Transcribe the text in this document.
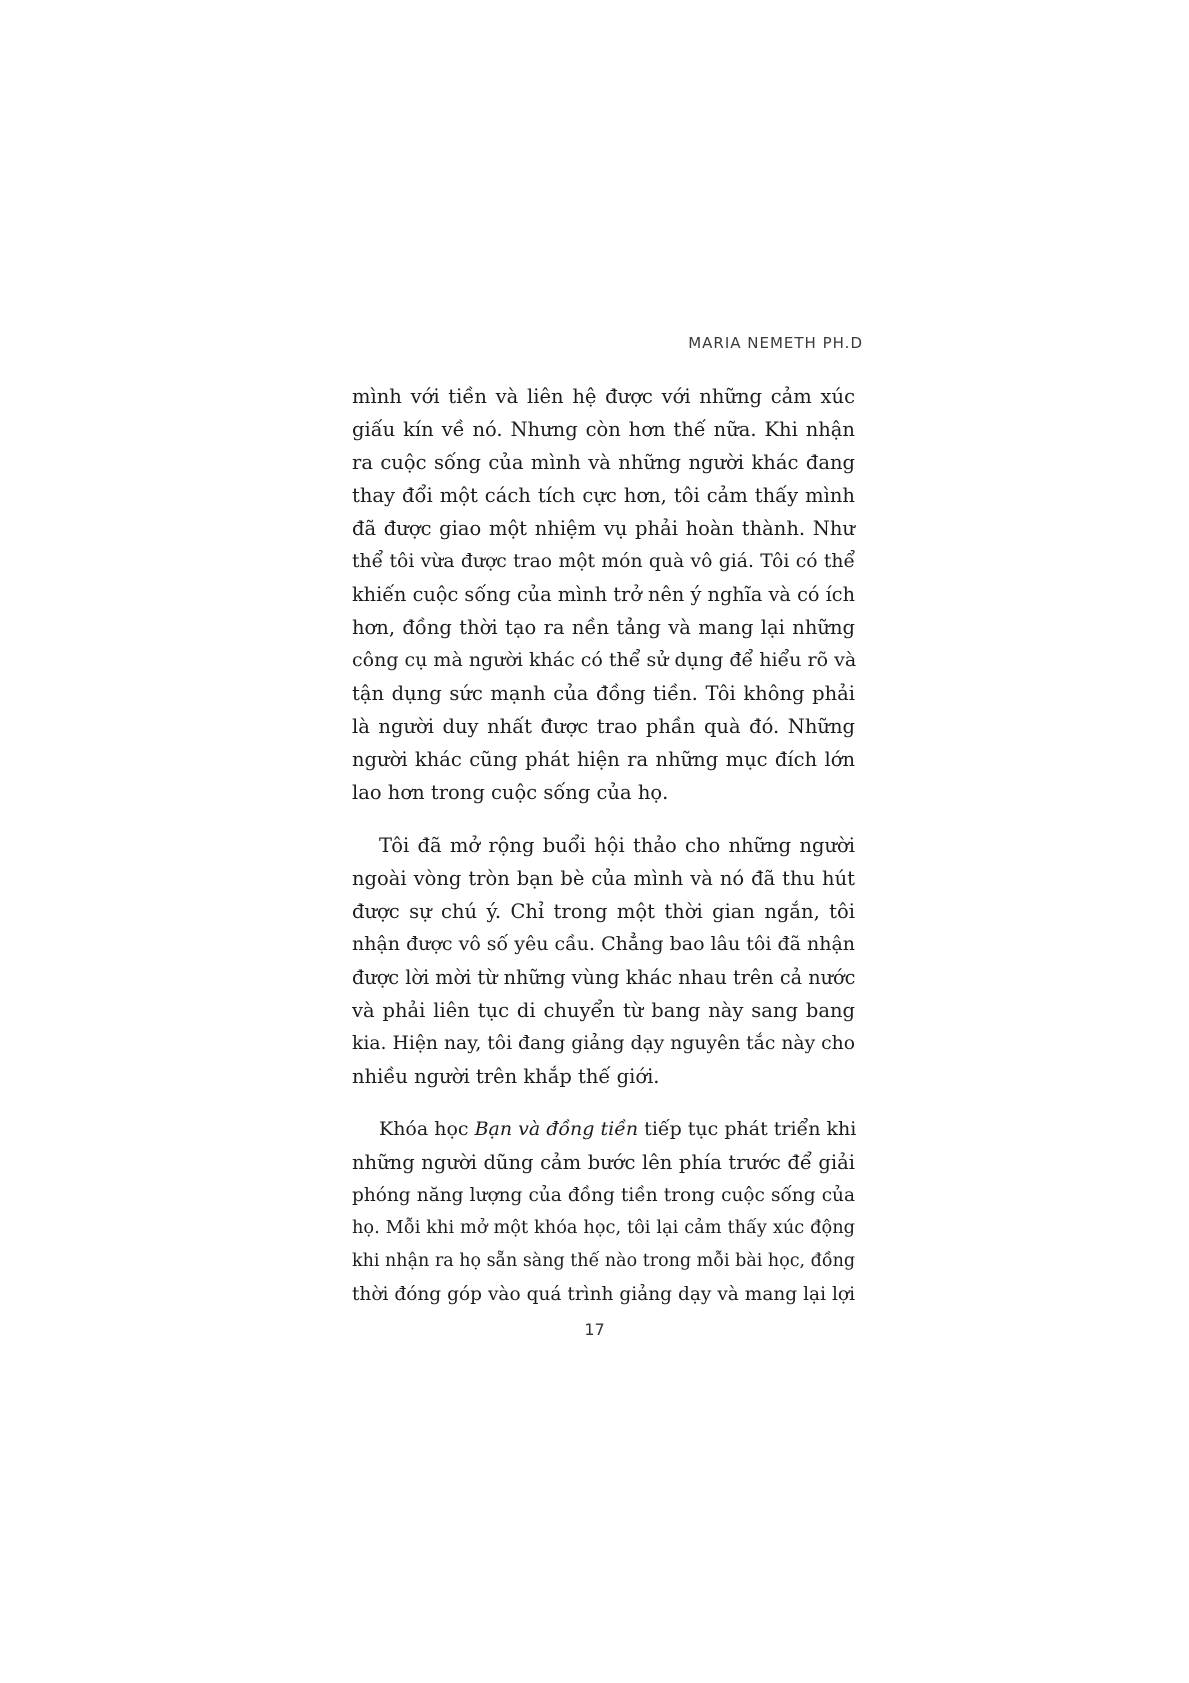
MARIA NEMETH PH.D
mình với tiền và liên hệ được với những cảm xúc
giấu kín về nó. Nhưng còn hơn thế nữa. Khi nhận
ra cuộc sống của mình và những người khác đang
thay đổi một cách tích cực hơn, tôi cảm thấy mình
đã được giao một nhiệm vụ phải hoàn thành. Như
thể tôi vừa được trao một món quà vô giá. Tôi có thể
khiến cuộc sống của mình trở nên ý nghĩa và có ích
hơn, đồng thời tạo ra nền tảng và mang lại những
công cụ mà người khác có thể sử dụng để hiểu rõ và
tận dụng sức mạnh của đồng tiền. Tôi không phải
là người duy nhất được trao phần quà đó. Những
người khác cũng phát hiện ra những mục đích lớn
lao hơn trong cuộc sống của họ.
Tôi đã mở rộng buổi hội thảo cho những người
ngoài vòng tròn bạn bè của mình và nó đã thu hút
được sự chú ý. Chỉ trong một thời gian ngắn, tôi
nhận được vô số yêu cầu. Chẳng bao lâu tôi đã nhận
được lời mời từ những vùng khác nhau trên cả nước
và phải liên tục di chuyển từ bang này sang bang
kia. Hiện nay, tôi đang giảng dạy nguyên tắc này cho
nhiều người trên khắp thế giới.
Khóa học Bạn và đồng tiền tiếp tục phát triển khi
những người dũng cảm bước lên phía trước để giải
phóng năng lượng của đồng tiền trong cuộc sống của
họ. Mỗi khi mở một khóa học, tôi lại cảm thấy xúc động
khi nhận ra họ sẵn sàng thế nào trong mỗi bài học, đồng
thời đóng góp vào quá trình giảng dạy và mang lại lợi
17
